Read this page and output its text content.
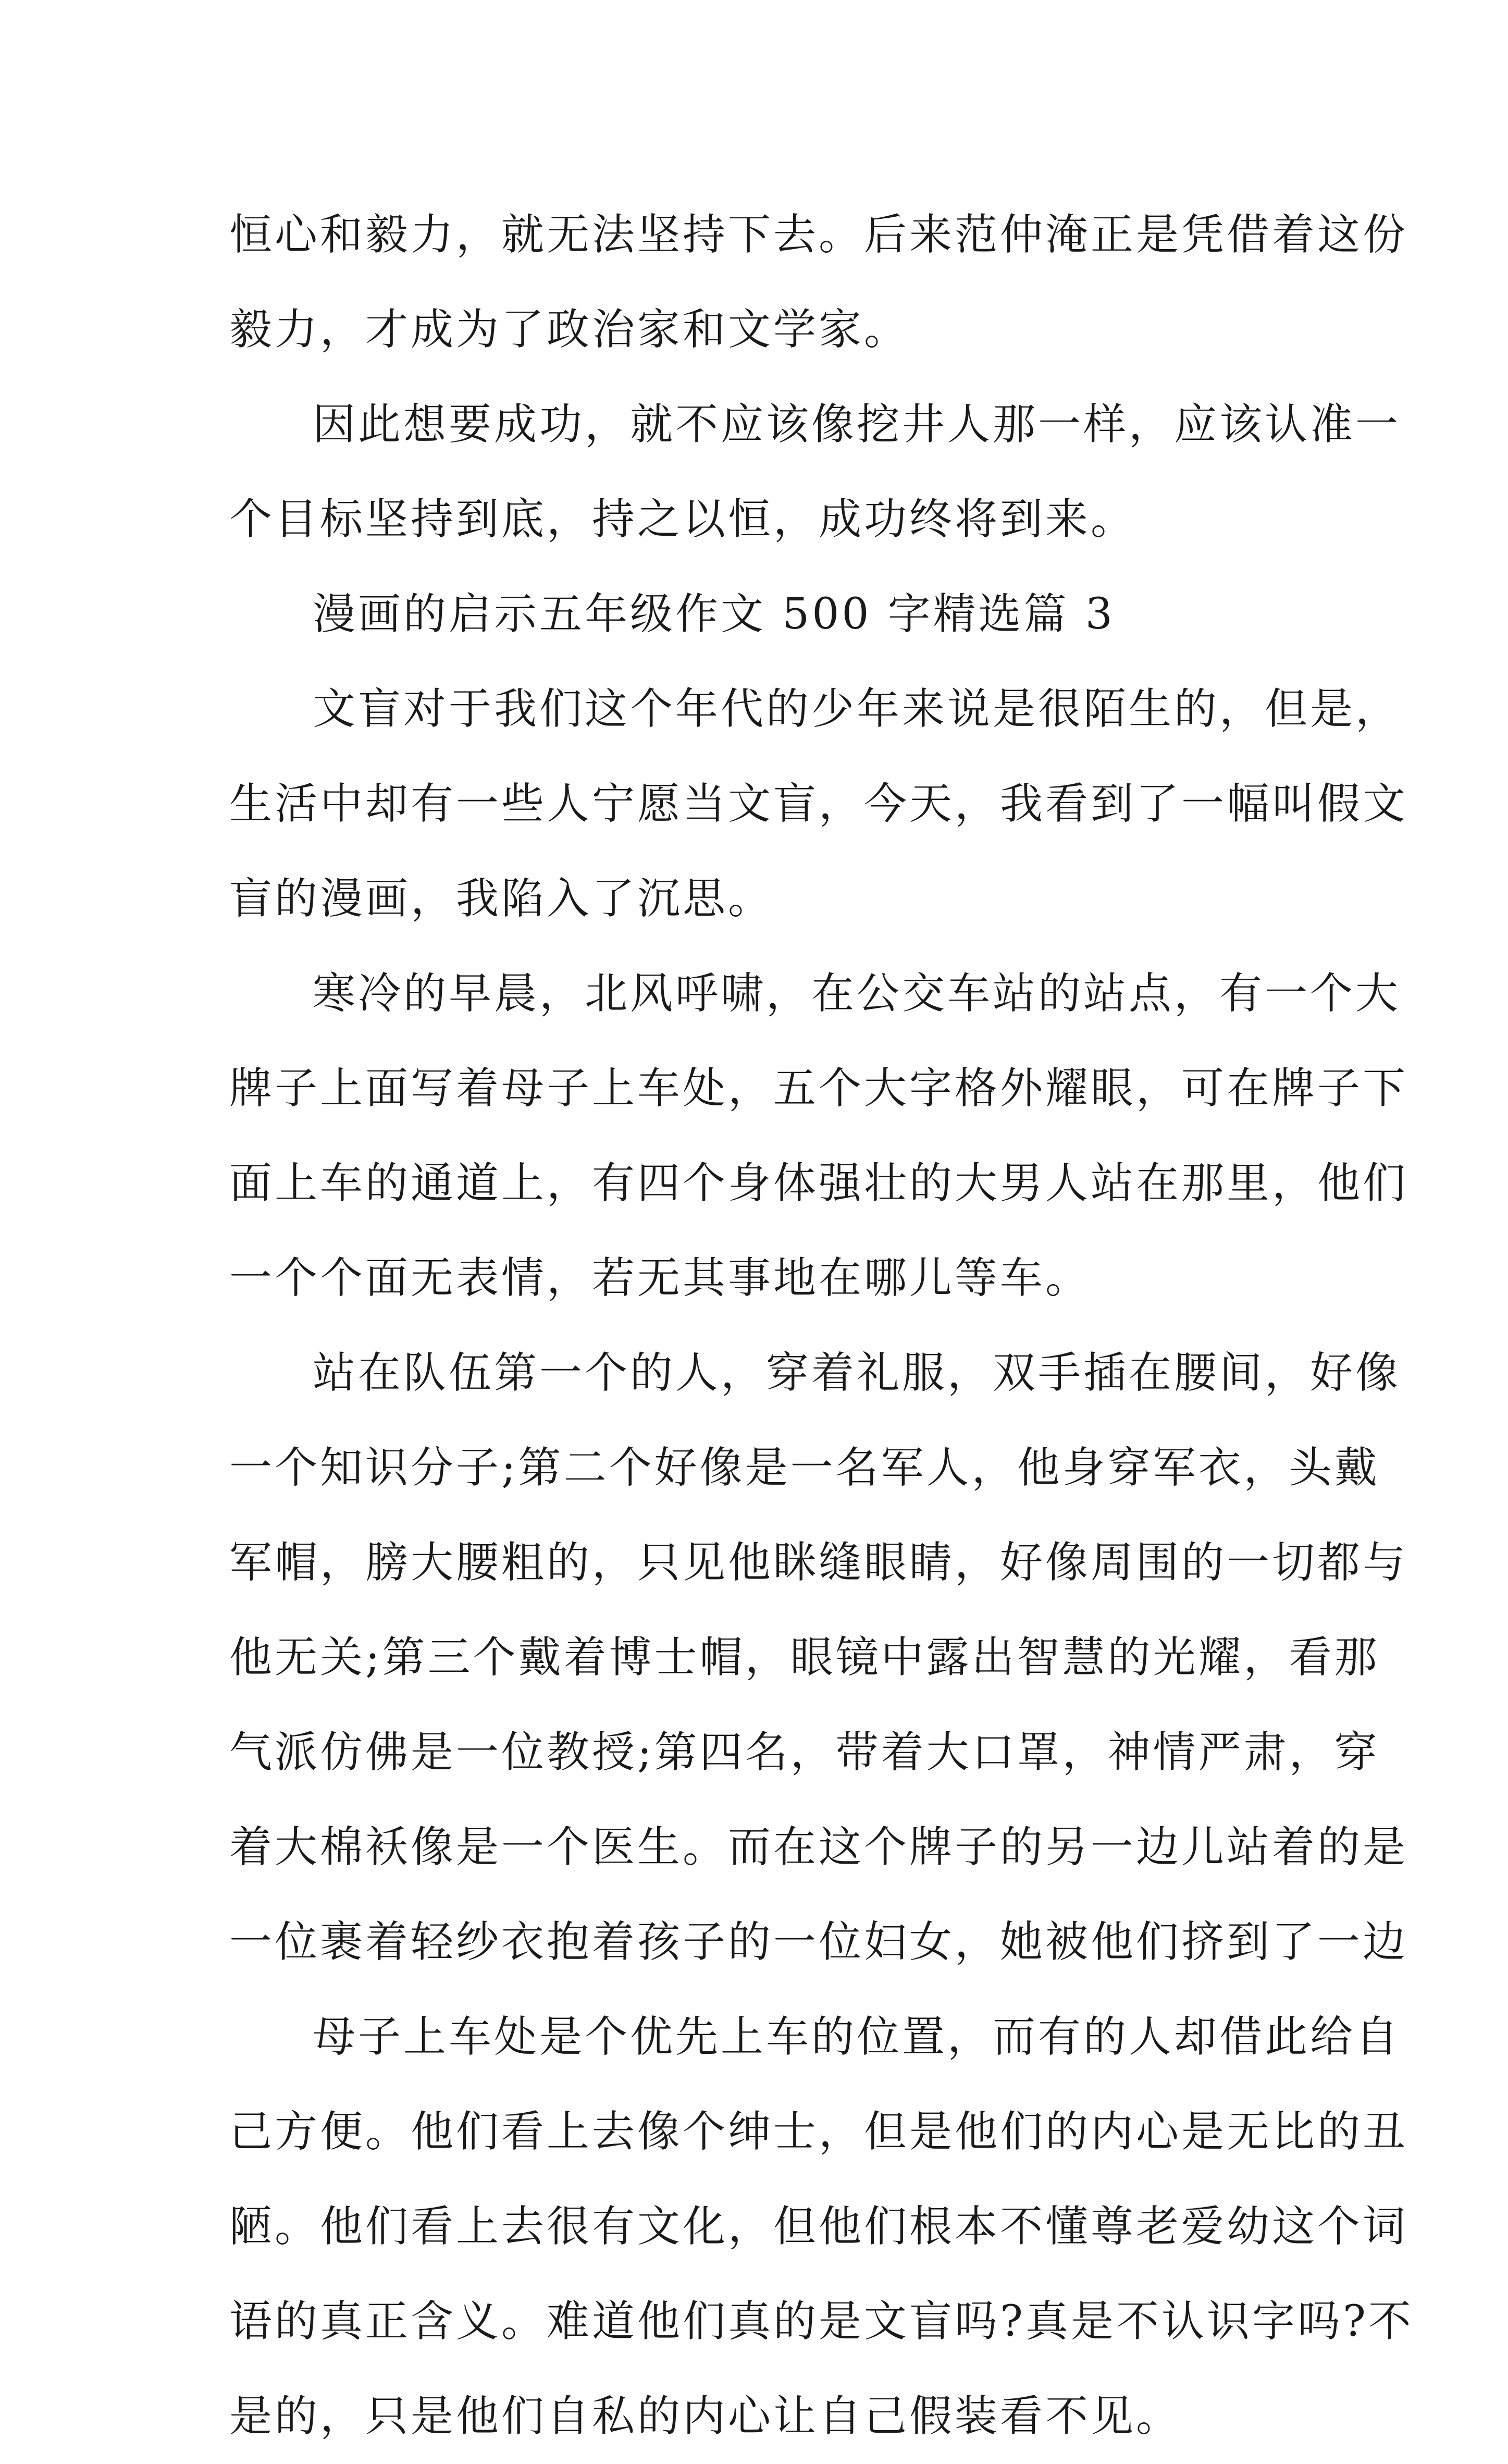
恒心和毅力，就无法坚持下去。后来范仲淹正是凭借着这份
毅力，才成为了政治家和文学家。
因此想要成功，就不应该像挖井人那一样，应该认准一
个目标坚持到底，持之以恒，成功终将到来。
漫画的启示五年级作文 500 字精选篇 3
文盲对于我们这个年代的少年来说是很陌生的，但是，
生活中却有一些人宁愿当文盲，今天，我看到了一幅叫假文
盲的漫画，我陷入了沉思。
寒冷的早晨，北风呼啸，在公交车站的站点，有一个大
牌子上面写着母子上车处，五个大字格外耀眼，可在牌子下
面上车的通道上，有四个身体强壮的大男人站在那里，他们
一个个面无表情，若无其事地在哪儿等车。
站在队伍第一个的人，穿着礼服，双手插在腰间，好像
一个知识分子;第二个好像是一名军人，他身穿军衣，头戴
军帽，膀大腰粗的，只见他眯缝眼睛，好像周围的一切都与
他无关;第三个戴着博士帽，眼镜中露出智慧的光耀，看那
气派仿佛是一位教授;第四名，带着大口罩，神情严肃，穿
着大棉袄像是一个医生。而在这个牌子的另一边儿站着的是
一位裹着轻纱衣抱着孩子的一位妇女，她被他们挤到了一边
母子上车处是个优先上车的位置，而有的人却借此给自
己方便。他们看上去像个绅士，但是他们的内心是无比的丑
陋。他们看上去很有文化，但他们根本不懂尊老爱幼这个词
语的真正含义。难道他们真的是文盲吗?真是不认识字吗?不
是的，只是他们自私的内心让自己假装看不见。
